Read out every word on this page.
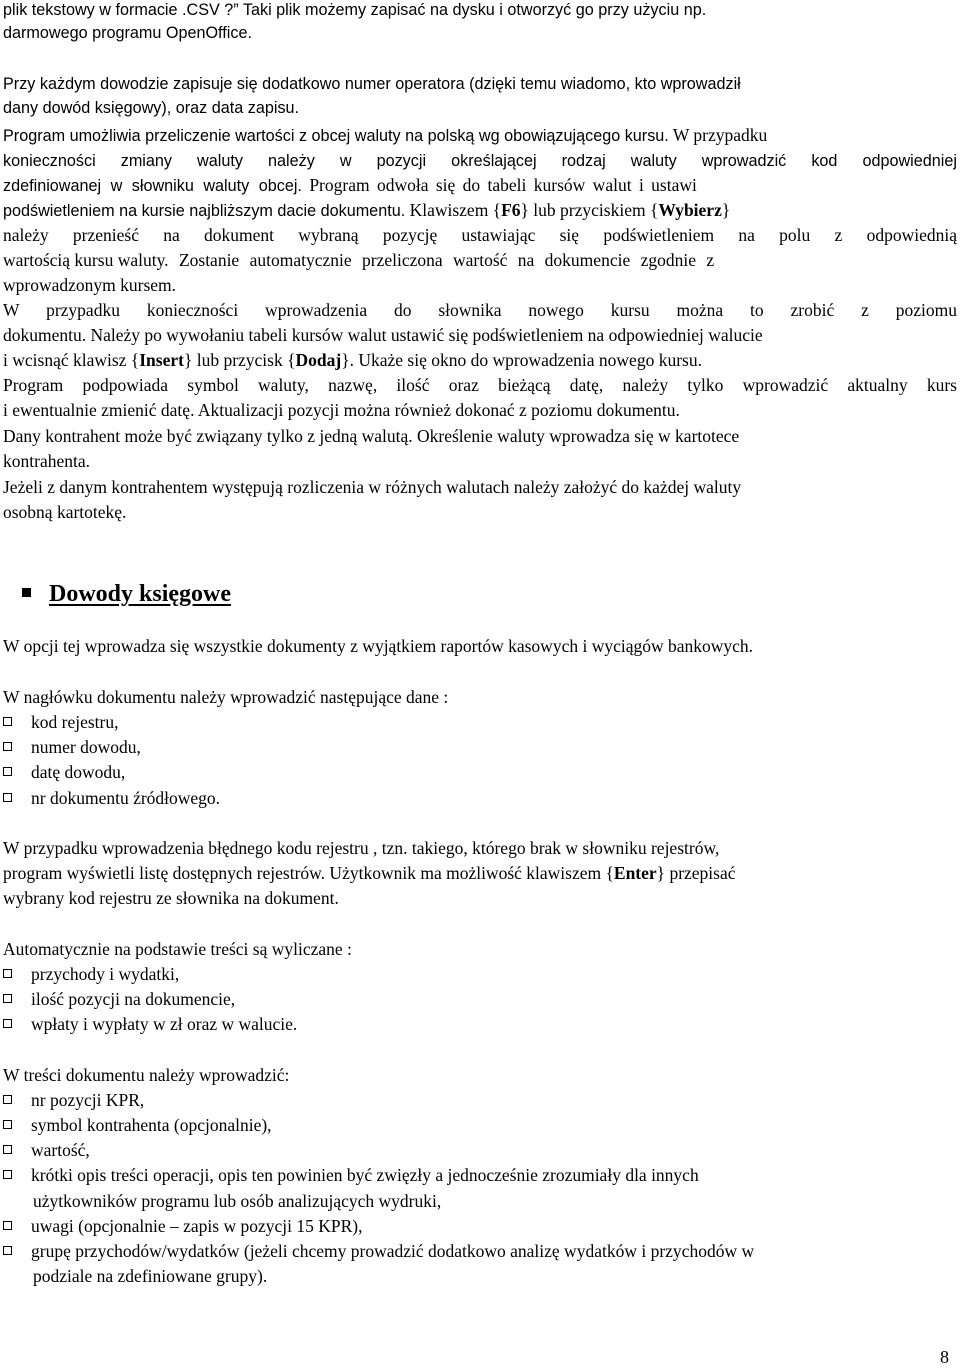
plik tekstowy w formacie .CSV ?” Taki plik możemy zapisać na dysku i otworzyć go przy użyciu np.
darmowego programu OpenOffice.
Przy każdym dowodzie zapisuje się dodatkowo numer operatora (dzięki temu wiadomo, kto wprowadził
dany dowód księgowy), oraz data zapisu.
Program umożliwia przeliczenie wartości z obcej waluty na polską wg obowiązującego kursu. W przypadku
konieczności zmiany waluty należy w pozycji określającej rodzaj waluty wprowadzić kod odpowiedniej
zdefiniowanej w słowniku waluty obcej. Program odwoła się do tabeli kursów walut i ustawi
podświetleniem na kursie najbliższym dacie dokumentu. Klawiszem {F6} lub przyciskiem {Wybierz}
należy przenieść na dokument wybraną pozycję ustawiając się podświetleniem na polu z odpowiednią
wartością kursu waluty. Zostanie automatycznie przeliczona wartość na dokumencie zgodnie z
wprowadzonym kursem.
W przypadku konieczności wprowadzenia do słownika nowego kursu można to zrobić z poziomu
dokumentu. Należy po wywołaniu tabeli kursów walut ustawić się podświetleniem na odpowiedniej walucie
i wcisnąć klawisz {Insert} lub przycisk {Dodaj}. Ukaże się okno do wprowadzenia nowego kursu.
Program podpowiada symbol waluty, nazwę, ilość oraz bieżącą datę, należy tylko wprowadzić aktualny kurs
i ewentualnie zmienić datę. Aktualizacji pozycji można również dokonać z poziomu dokumentu.
Dany kontrahent może być związany tylko z jedną walutą. Określenie waluty wprowadza się w kartotece
kontrahenta.
Jeżeli z danym kontrahentem występują rozliczenia w różnych walutach należy założyć do każdej waluty
osobną kartotekę.
Dowody księgowe
W opcji tej wprowadza się wszystkie dokumenty z wyjątkiem raportów kasowych i wyciągów bankowych.
W nagłówku dokumentu należy wprowadzić następujące dane :
kod rejestru,
numer dowodu,
datę dowodu,
nr dokumentu źródłowego.
W przypadku wprowadzenia błędnego kodu rejestru , tzn. takiego, którego brak w słowniku rejestrów,
program wyświetli listę dostępnych rejestrów. Użytkownik ma możliwość klawiszem {Enter} przepisać
wybrany kod rejestru ze słownika na dokument.
Automatycznie na podstawie treści są wyliczane :
przychody i wydatki,
ilość pozycji na dokumencie,
wpłaty i wypłaty w zł oraz w walucie.
W treści dokumentu należy wprowadzić:
nr pozycji KPR,
symbol kontrahenta (opcjonalnie),
wartość,
krótki opis treści operacji, opis ten powinien być zwięzły a jednocześnie zrozumiały dla innych
użytkowników programu lub osób analizujących wydruki,
uwagi (opcjonalnie – zapis w pozycji 15 KPR),
grupę przychodów/wydatków (jeżeli chcemy prowadzić dodatkowo analizę wydatków i przychodów w
podziale na zdefiniowane grupy).
8
